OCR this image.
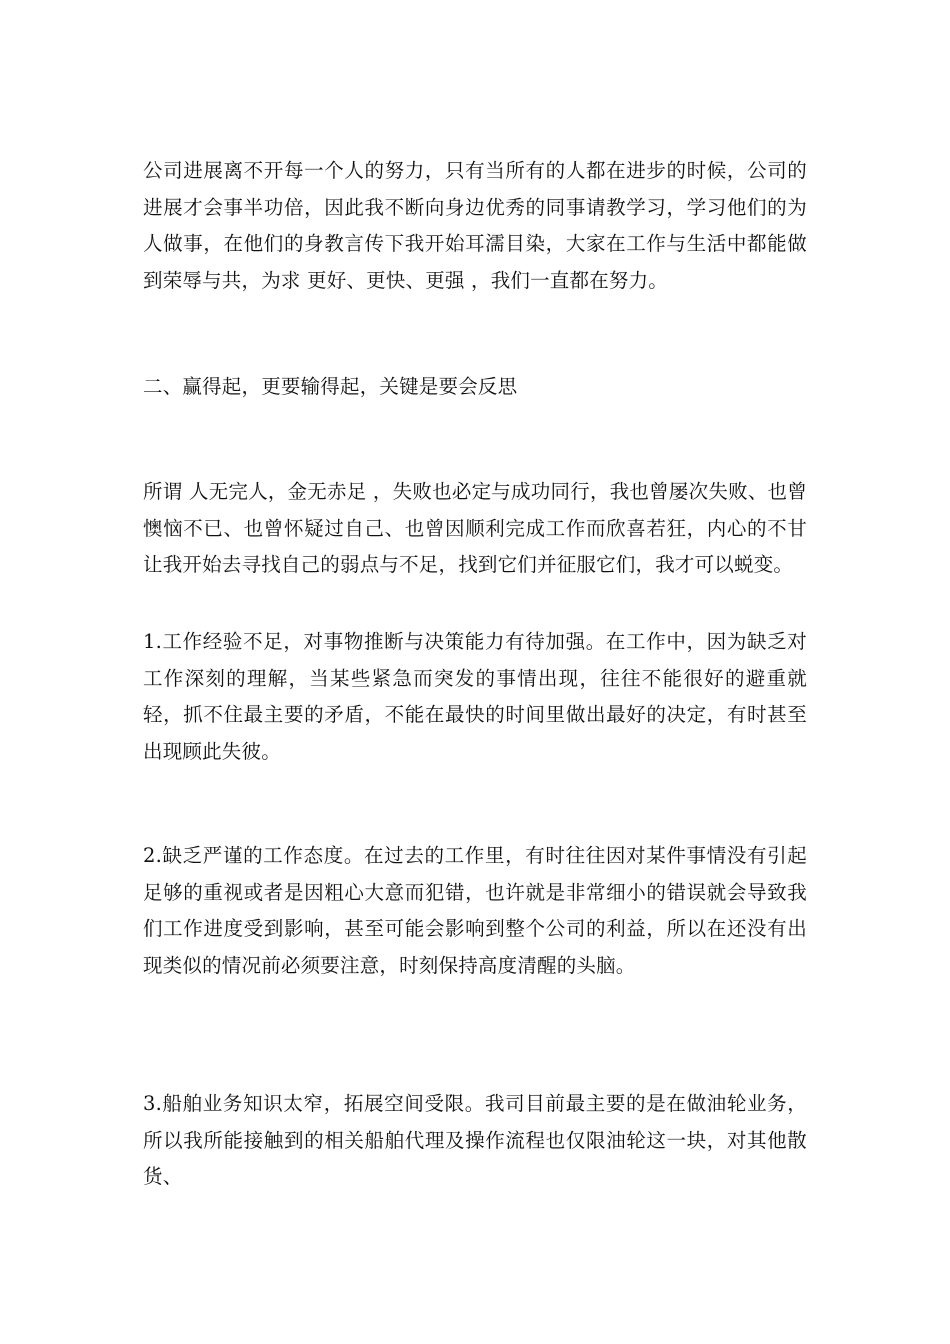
公司进展离不开每一个人的努力，只有当所有的人都在进步的时候，公司的进展才会事半功倍，因此我不断向身边优秀的同事请教学习，学习他们的为人做事，在他们的身教言传下我开始耳濡目染，大家在工作与生活中都能做到荣辱与共，为求 更好、更快、更强 ，我们一直都在努力。

二、赢得起，更要输得起，关键是要会反思

所谓 人无完人，金无赤足 ，失败也必定与成功同行，我也曾屡次失败、也曾懊恼不已、也曾怀疑过自己、也曾因顺利完成工作而欣喜若狂，内心的不甘让我开始去寻找自己的弱点与不足，找到它们并征服它们，我才可以蜕变。

1.工作经验不足，对事物推断与决策能力有待加强。在工作中，因为缺乏对工作深刻的理解，当某些紧急而突发的事情出现，往往不能很好的避重就轻，抓不住最主要的矛盾，不能在最快的时间里做出最好的决定，有时甚至出现顾此失彼。

2.缺乏严谨的工作态度。在过去的工作里，有时往往因对某件事情没有引起足够的重视或者是因粗心大意而犯错，也许就是非常细小的错误就会导致我们工作进度受到影响，甚至可能会影响到整个公司的利益，所以在还没有出现类似的情况前必须要注意，时刻保持高度清醒的头脑。

3.船舶业务知识太窄，拓展空间受限。我司目前最主要的是在做油轮业务，所以我所能接触到的相关船舶代理及操作流程也仅限油轮这一块，对其他散货、
